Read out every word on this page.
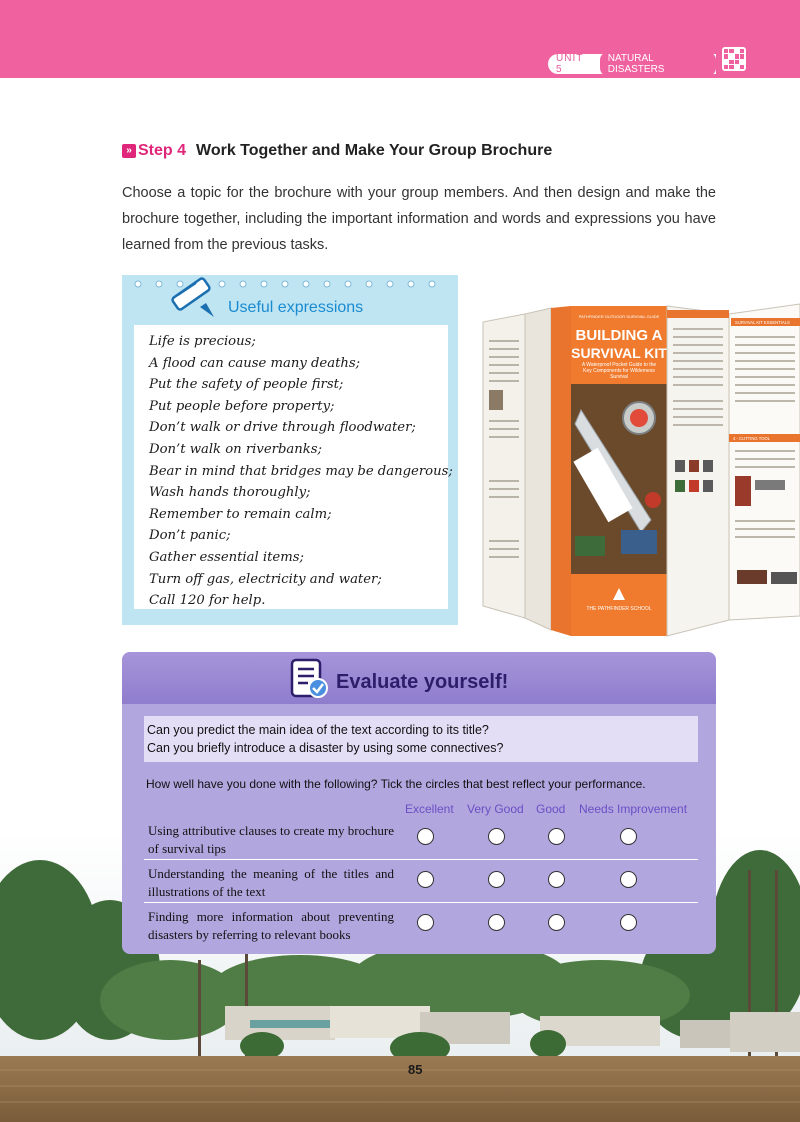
UNIT 5
NATURAL DISASTERS
» Step 4 Work Together and Make Your Group Brochure
Choose a topic for the brochure with your group members. And then design and make the brochure together, including the important information and words and expressions you have learned from the previous tasks.
Useful expressions
Life is precious;
A flood can cause many deaths;
Put the safety of people first;
Put people before property;
Don’t walk or drive through floodwater;
Don’t walk on riverbanks;
Bear in mind that bridges may be dangerous;
Wash hands thoroughly;
Remember to remain calm;
Don’t panic;
Gather essential items;
Turn off gas, electricity and water;
Call 120 for help.
PATHFINDER OUTDOOR SURVIVAL GUIDE
BUILDING A
SURVIVAL KIT
A Waterproof Pocket Guide to the Key Components for Wilderness Survival
THE PATHFINDER SCHOOL
SURVIVAL KIT ESSENTIALS
4 - CUTTING TOOL
Evaluate yourself!
Can you predict the main idea of the text according to its title?
Can you briefly introduce a disaster by using some connectives?
How well have you done with the following? Tick the circles that best reflect your performance.
Excellent Very Good Good Needs Improvement
Using attributive clauses to create my brochure of survival tips
Understanding the meaning of the titles and illustrations of the text
Finding more information about preventing disasters by referring to relevant books
85
